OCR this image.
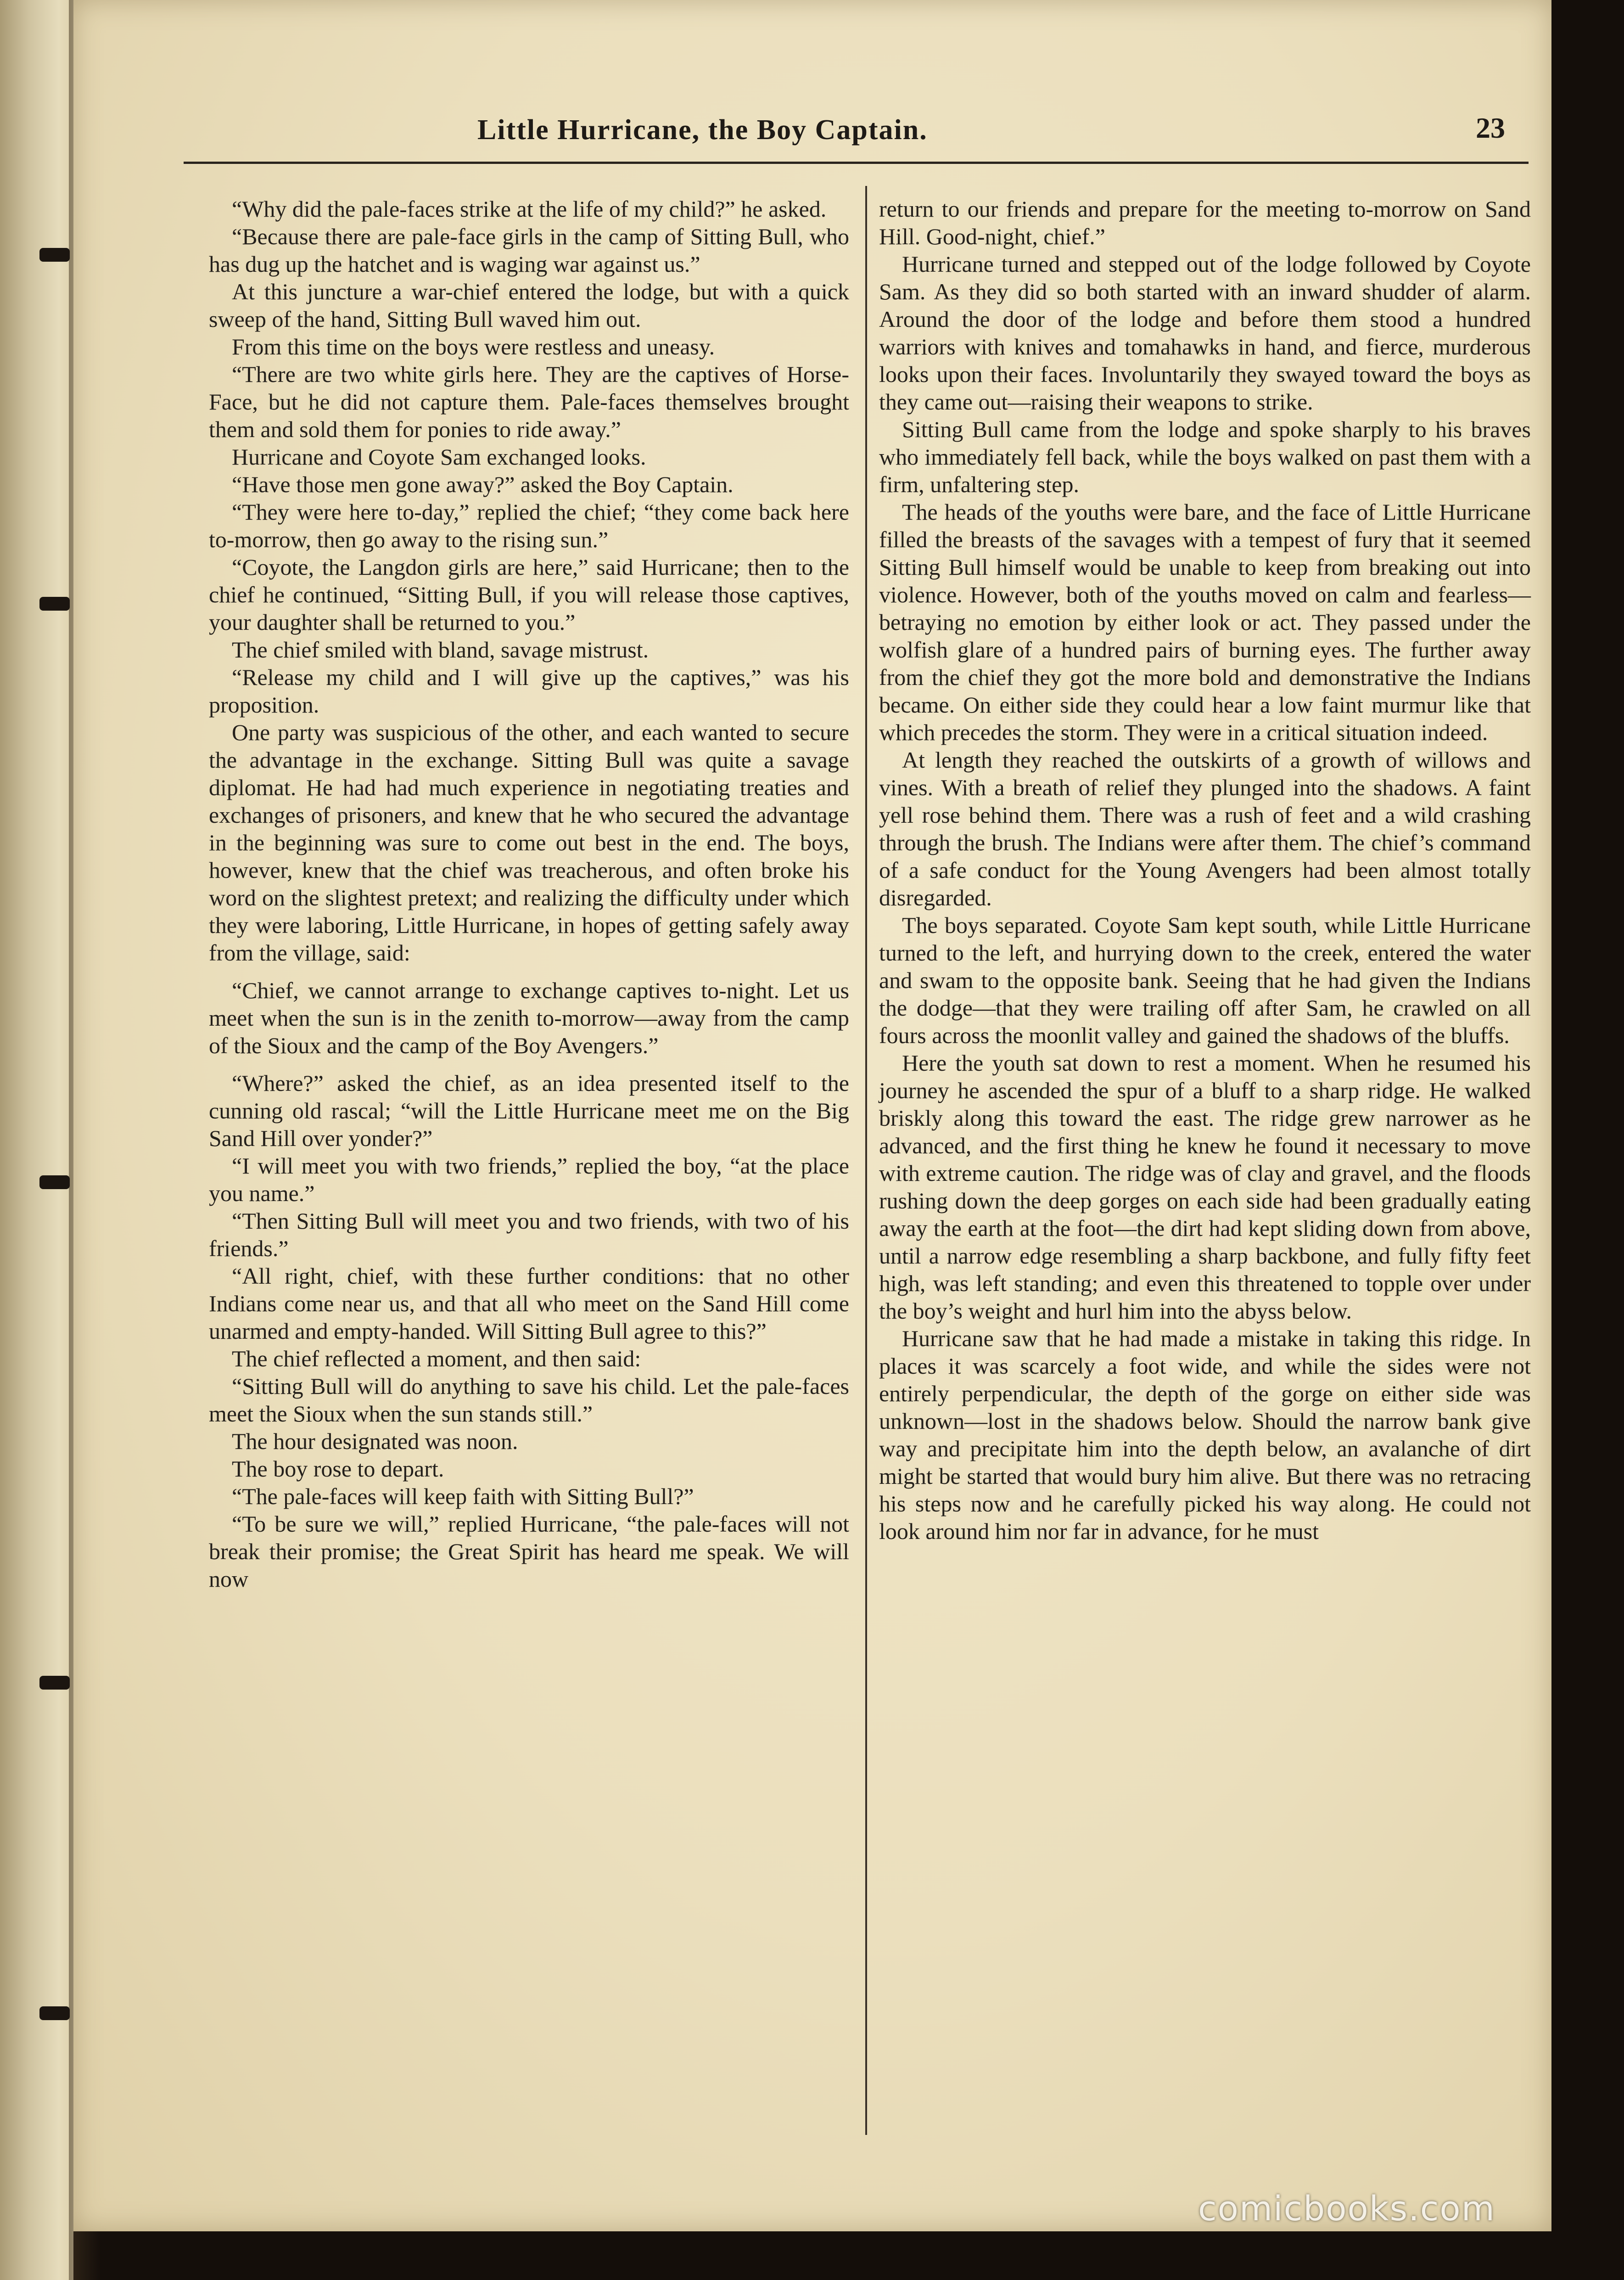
Little Hurricane, the Boy Captain.	23

“Why did the pale-faces strike at the life of my child?” he asked.

“Because there are pale-face girls in the camp of Sitting Bull, who has dug up the hatchet and is waging war against us.”

At this juncture a war-chief entered the lodge, but with a quick sweep of the hand, Sitting Bull waved him out.

From this time on the boys were restless and uneasy.

“There are two white girls here. They are the captives of Horse-Face, but he did not capture them. Pale-faces themselves brought them and sold them for ponies to ride away.”

Hurricane and Coyote Sam exchanged looks.

“Have those men gone away?” asked the Boy Captain.

“They were here to-day,” replied the chief; “they come back here to-morrow, then go away to the rising sun.”

“Coyote, the Langdon girls are here,” said Hurricane; then to the chief he continued, “Sitting Bull, if you will release those captives, your daughter shall be returned to you.”

The chief smiled with bland, savage mistrust.

“Release my child and I will give up the captives,” was his proposition.

One party was suspicious of the other, and each wanted to secure the advantage in the exchange. Sitting Bull was quite a savage diplomat. He had had much experience in negotiating treaties and exchanges of prisoners, and knew that he who secured the advantage in the beginning was sure to come out best in the end. The boys, however, knew that the chief was treacherous, and often broke his word on the slightest pretext; and realizing the difficulty under which they were laboring, Little Hurricane, in hopes of getting safely away from the village, said:

“Chief, we cannot arrange to exchange captives to-night. Let us meet when the sun is in the zenith to-morrow—away from the camp of the Sioux and the camp of the Boy Avengers.”

“Where?” asked the chief, as an idea presented itself to the cunning old rascal; “will the Little Hurricane meet me on the Big Sand Hill over yonder?”

“I will meet you with two friends,” replied the boy, “at the place you name.”

“Then Sitting Bull will meet you and two friends, with two of his friends.”

“All right, chief, with these further conditions: that no other Indians come near us, and that all who meet on the Sand Hill come unarmed and empty-handed. Will Sitting Bull agree to this?”

The chief reflected a moment, and then said:

“Sitting Bull will do anything to save his child. Let the pale-faces meet the Sioux when the sun stands still.”

The hour designated was noon.

The boy rose to depart.

“The pale-faces will keep faith with Sitting Bull?”

“To be sure we will,” replied Hurricane, “the pale-faces will not break their promise; the Great Spirit has heard me speak. We will now

return to our friends and prepare for the meeting to-morrow on Sand Hill. Good-night, chief.”

Hurricane turned and stepped out of the lodge followed by Coyote Sam. As they did so both started with an inward shudder of alarm. Around the door of the lodge and before them stood a hundred warriors with knives and tomahawks in hand, and fierce, murderous looks upon their faces. Involuntarily they swayed toward the boys as they came out—raising their weapons to strike.

Sitting Bull came from the lodge and spoke sharply to his braves who immediately fell back, while the boys walked on past them with a firm, unfaltering step.

The heads of the youths were bare, and the face of Little Hurricane filled the breasts of the savages with a tempest of fury that it seemed Sitting Bull himself would be unable to keep from breaking out into violence. However, both of the youths moved on calm and fearless—betraying no emotion by either look or act. They passed under the wolfish glare of a hundred pairs of burning eyes. The further away from the chief they got the more bold and demonstrative the Indians became. On either side they could hear a low faint murmur like that which precedes the storm. They were in a critical situation indeed.

At length they reached the outskirts of a growth of willows and vines. With a breath of relief they plunged into the shadows. A faint yell rose behind them. There was a rush of feet and a wild crashing through the brush. The Indians were after them. The chief’s command of a safe conduct for the Young Avengers had been almost totally disregarded.

The boys separated. Coyote Sam kept south, while Little Hurricane turned to the left, and hurrying down to the creek, entered the water and swam to the opposite bank. Seeing that he had given the Indians the dodge—that they were trailing off after Sam, he crawled on all fours across the moonlit valley and gained the shadows of the bluffs.

Here the youth sat down to rest a moment. When he resumed his journey he ascended the spur of a bluff to a sharp ridge. He walked briskly along this toward the east. The ridge grew narrower as he advanced, and the first thing he knew he found it necessary to move with extreme caution. The ridge was of clay and gravel, and the floods rushing down the deep gorges on each side had been gradually eating away the earth at the foot—the dirt had kept sliding down from above, until a narrow edge resembling a sharp backbone, and fully fifty feet high, was left standing; and even this threatened to topple over under the boy’s weight and hurl him into the abyss below.

Hurricane saw that he had made a mistake in taking this ridge. In places it was scarcely a foot wide, and while the sides were not entirely perpendicular, the depth of the gorge on either side was unknown—lost in the shadows below. Should the narrow bank give way and precipitate him into the depth below, an avalanche of dirt might be started that would bury him alive. But there was no retracing his steps now and he carefully picked his way along. He could not look around him nor far in advance, for he must

comicbooks.com
